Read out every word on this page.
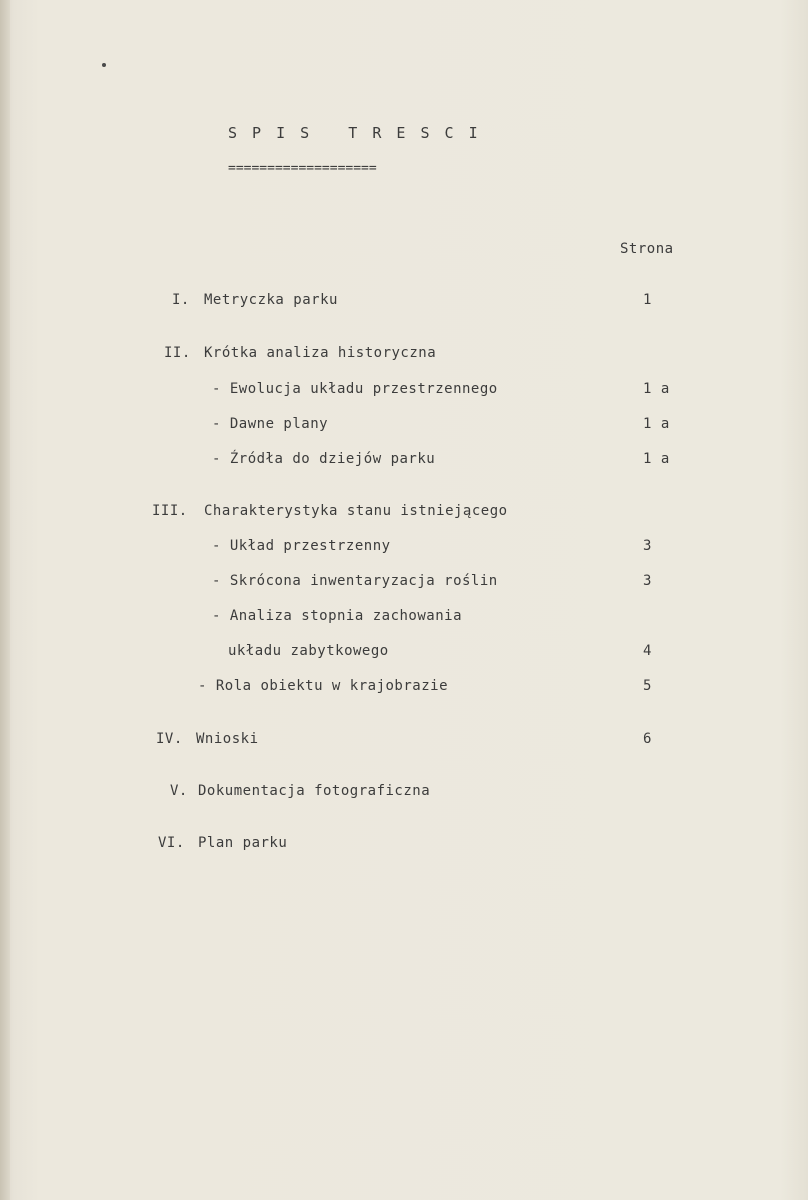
S P I S   T R E S C I
===================
Strona
I. Metryczka parku	1
II. Krótka analiza historyczna
- Ewolucja układu przestrzennego	1 a
- Dawne plany	1 a
- Źródła do dziejów parku	1 a
III. Charakterystyka stanu istniejącego
- Układ przestrzenny	3
- Skrócona inwentaryzacja roślin	3
- Analiza stopnia zachowania
układu zabytkowego	4
- Rola obiektu w krajobrazie	5
IV. Wnioski	6
V. Dokumentacja fotograficzna
VI. Plan parku
